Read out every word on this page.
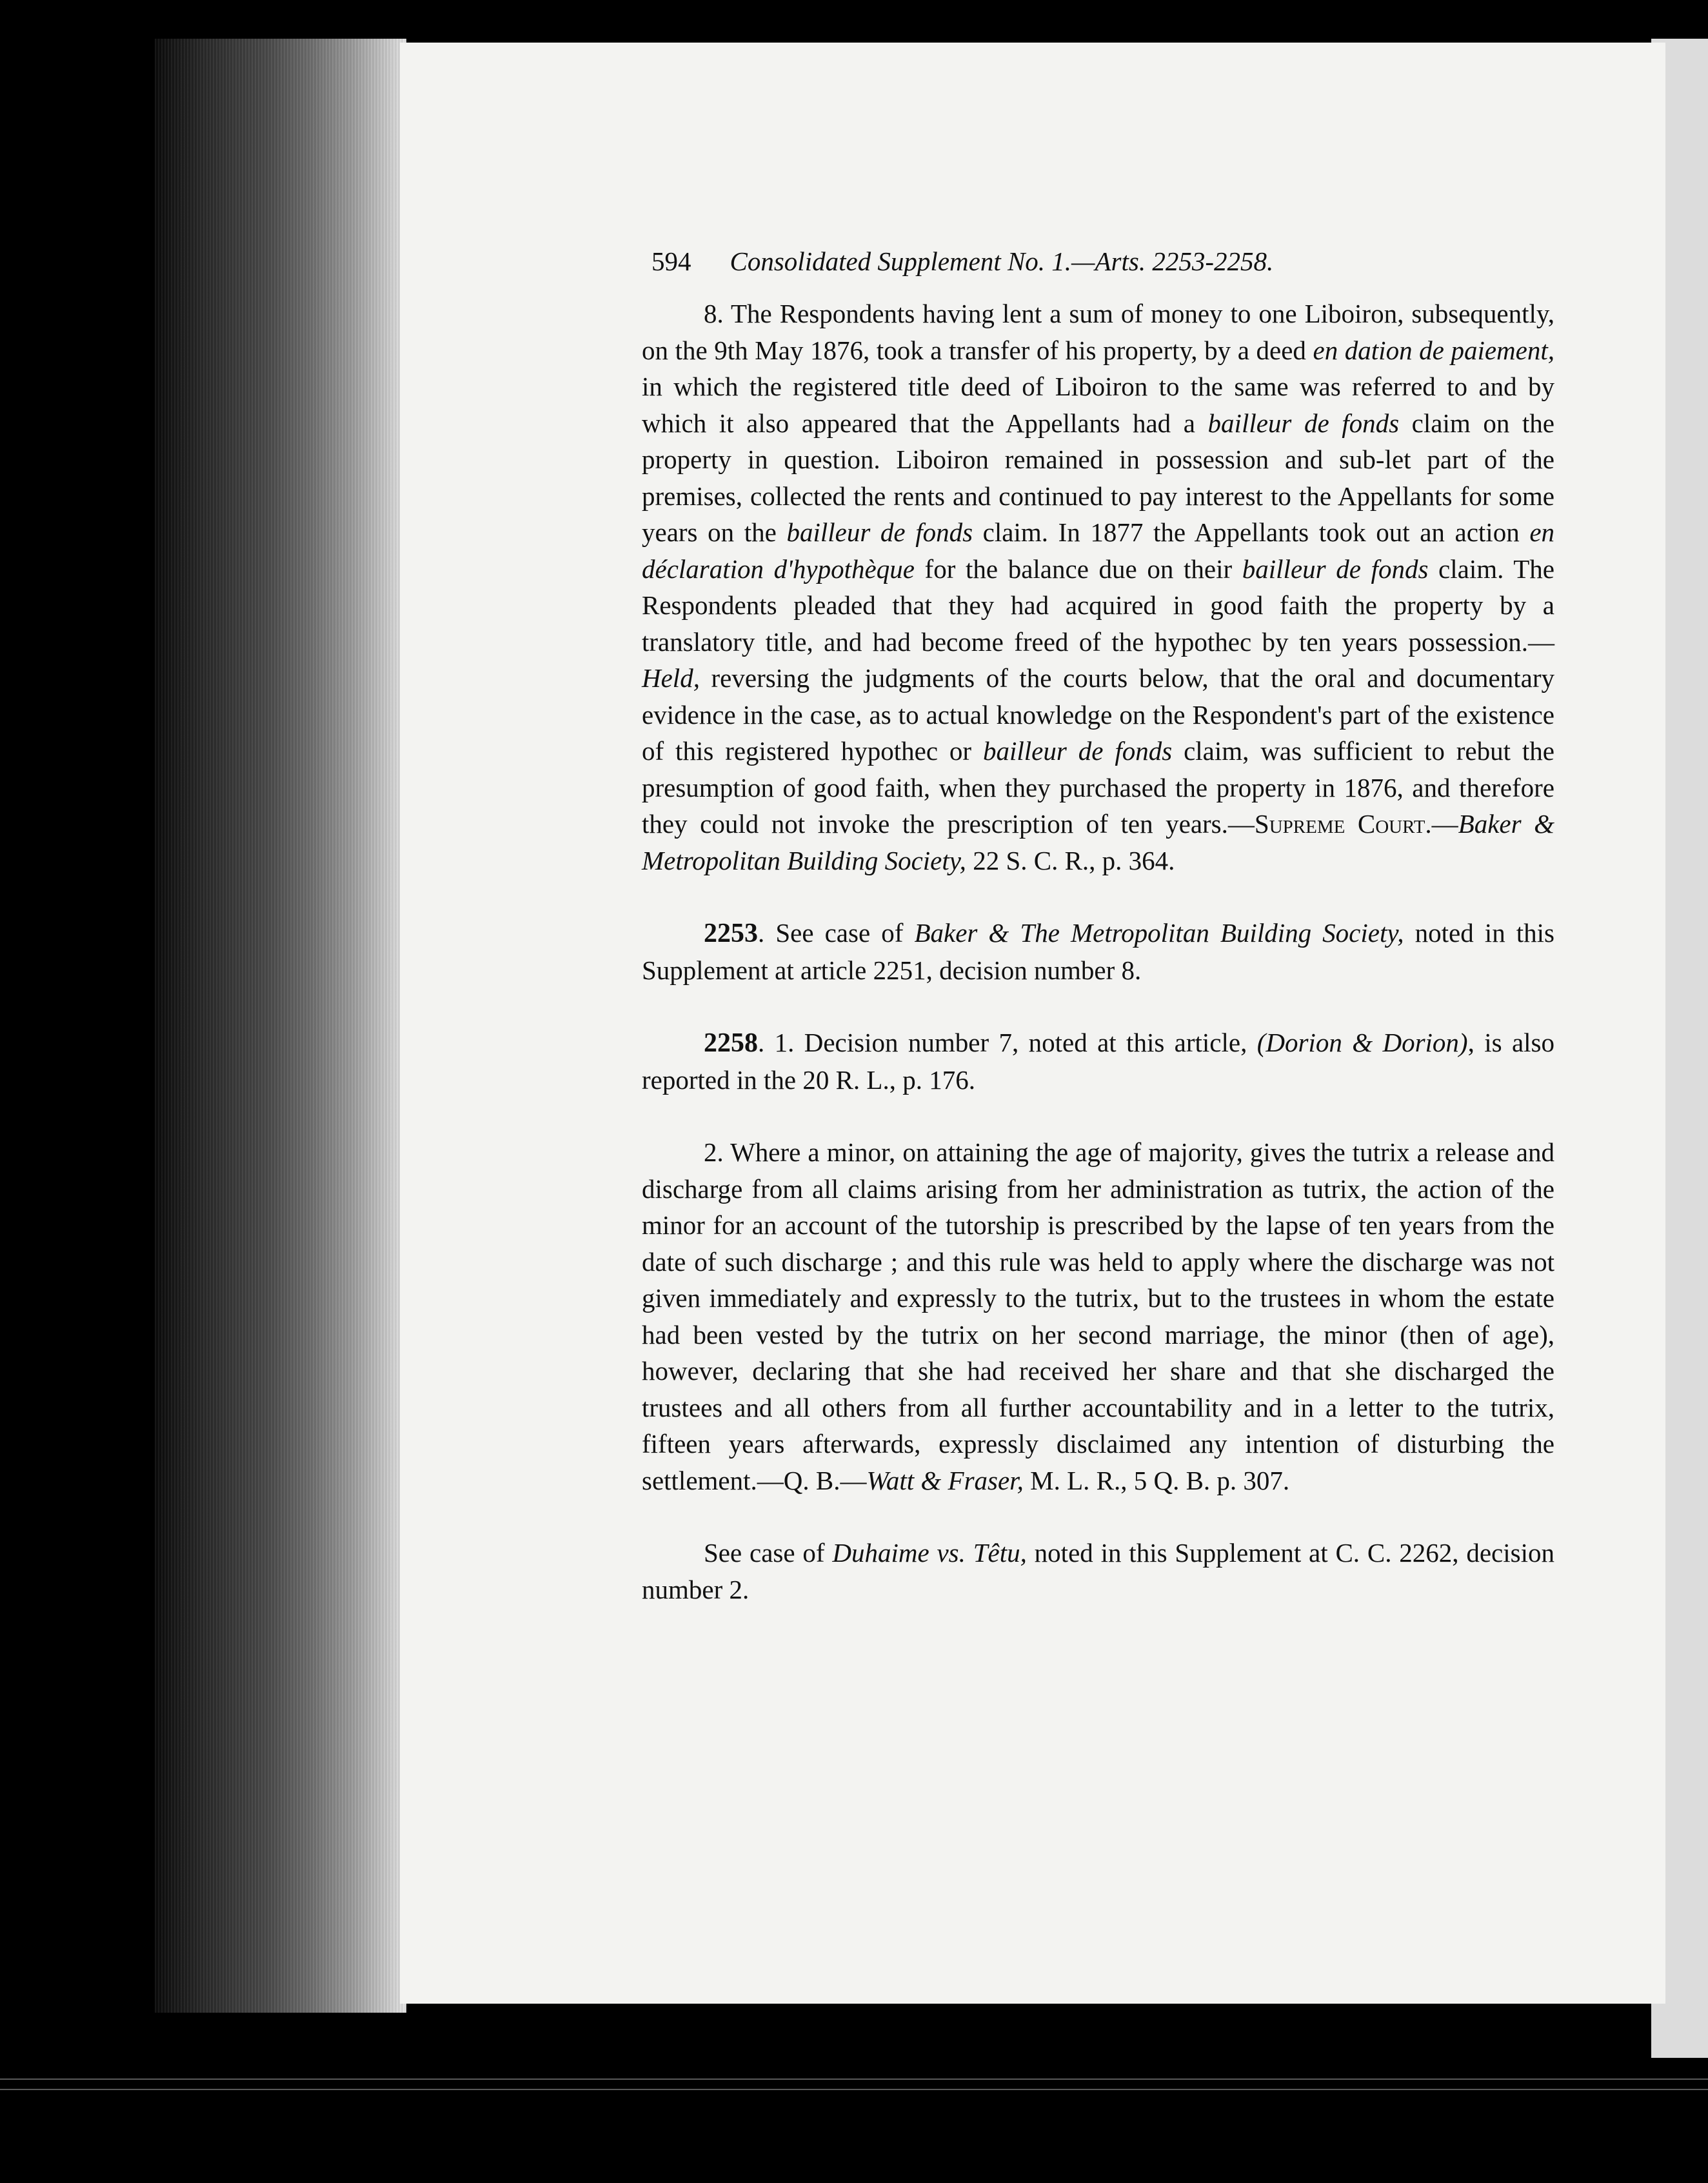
594 Consolidated Supplement No. 1.—Arts. 2253-2258.

8. The Respondents having lent a sum of money to one Liboiron, subsequently, on the 9th May 1876, took a transfer of his property, by a deed en dation de paiement, in which the registered title deed of Liboiron to the same was referred to and by which it also appeared that the Appellants had a bailleur de fonds claim on the property in question. Liboiron remained in possession and sub-let part of the premises, collected the rents and continued to pay interest to the Appellants for some years on the bailleur de fonds claim. In 1877 the Appellants took out an action en déclaration d'hypothèque for the balance due on their bailleur de fonds claim. The Respondents pleaded that they had acquired in good faith the property by a translatory title, and had become freed of the hypothec by ten years possession.—Held, reversing the judgments of the courts below, that the oral and documentary evidence in the case, as to actual knowledge on the Respondent's part of the existence of this registered hypothec or bailleur de fonds claim, was sufficient to rebut the presumption of good faith, when they purchased the property in 1876, and therefore they could not invoke the prescription of ten years.—Supreme Court.—Baker & Metropolitan Building Society, 22 S. C. R., p. 364.

2253. See case of Baker & The Metropolitan Building Society, noted in this Supplement at article 2251, decision number 8.

2258. 1. Decision number 7, noted at this article, (Dorion & Dorion), is also reported in the 20 R. L., p. 176.

2. Where a minor, on attaining the age of majority, gives the tutrix a release and discharge from all claims arising from her administration as tutrix, the action of the minor for an account of the tutorship is prescribed by the lapse of ten years from the date of such discharge ; and this rule was held to apply where the discharge was not given immediately and expressly to the tutrix, but to the trustees in whom the estate had been vested by the tutrix on her second marriage, the minor (then of age), however, declaring that she had received her share and that she discharged the trustees and all others from all further accountability and in a letter to the tutrix, fifteen years afterwards, expressly disclaimed any intention of disturbing the settlement.—Q. B.—Watt & Fraser, M. L. R., 5 Q. B. p. 307.

See case of Duhaime vs. Têtu, noted in this Supplement at C. C. 2262, decision number 2.
